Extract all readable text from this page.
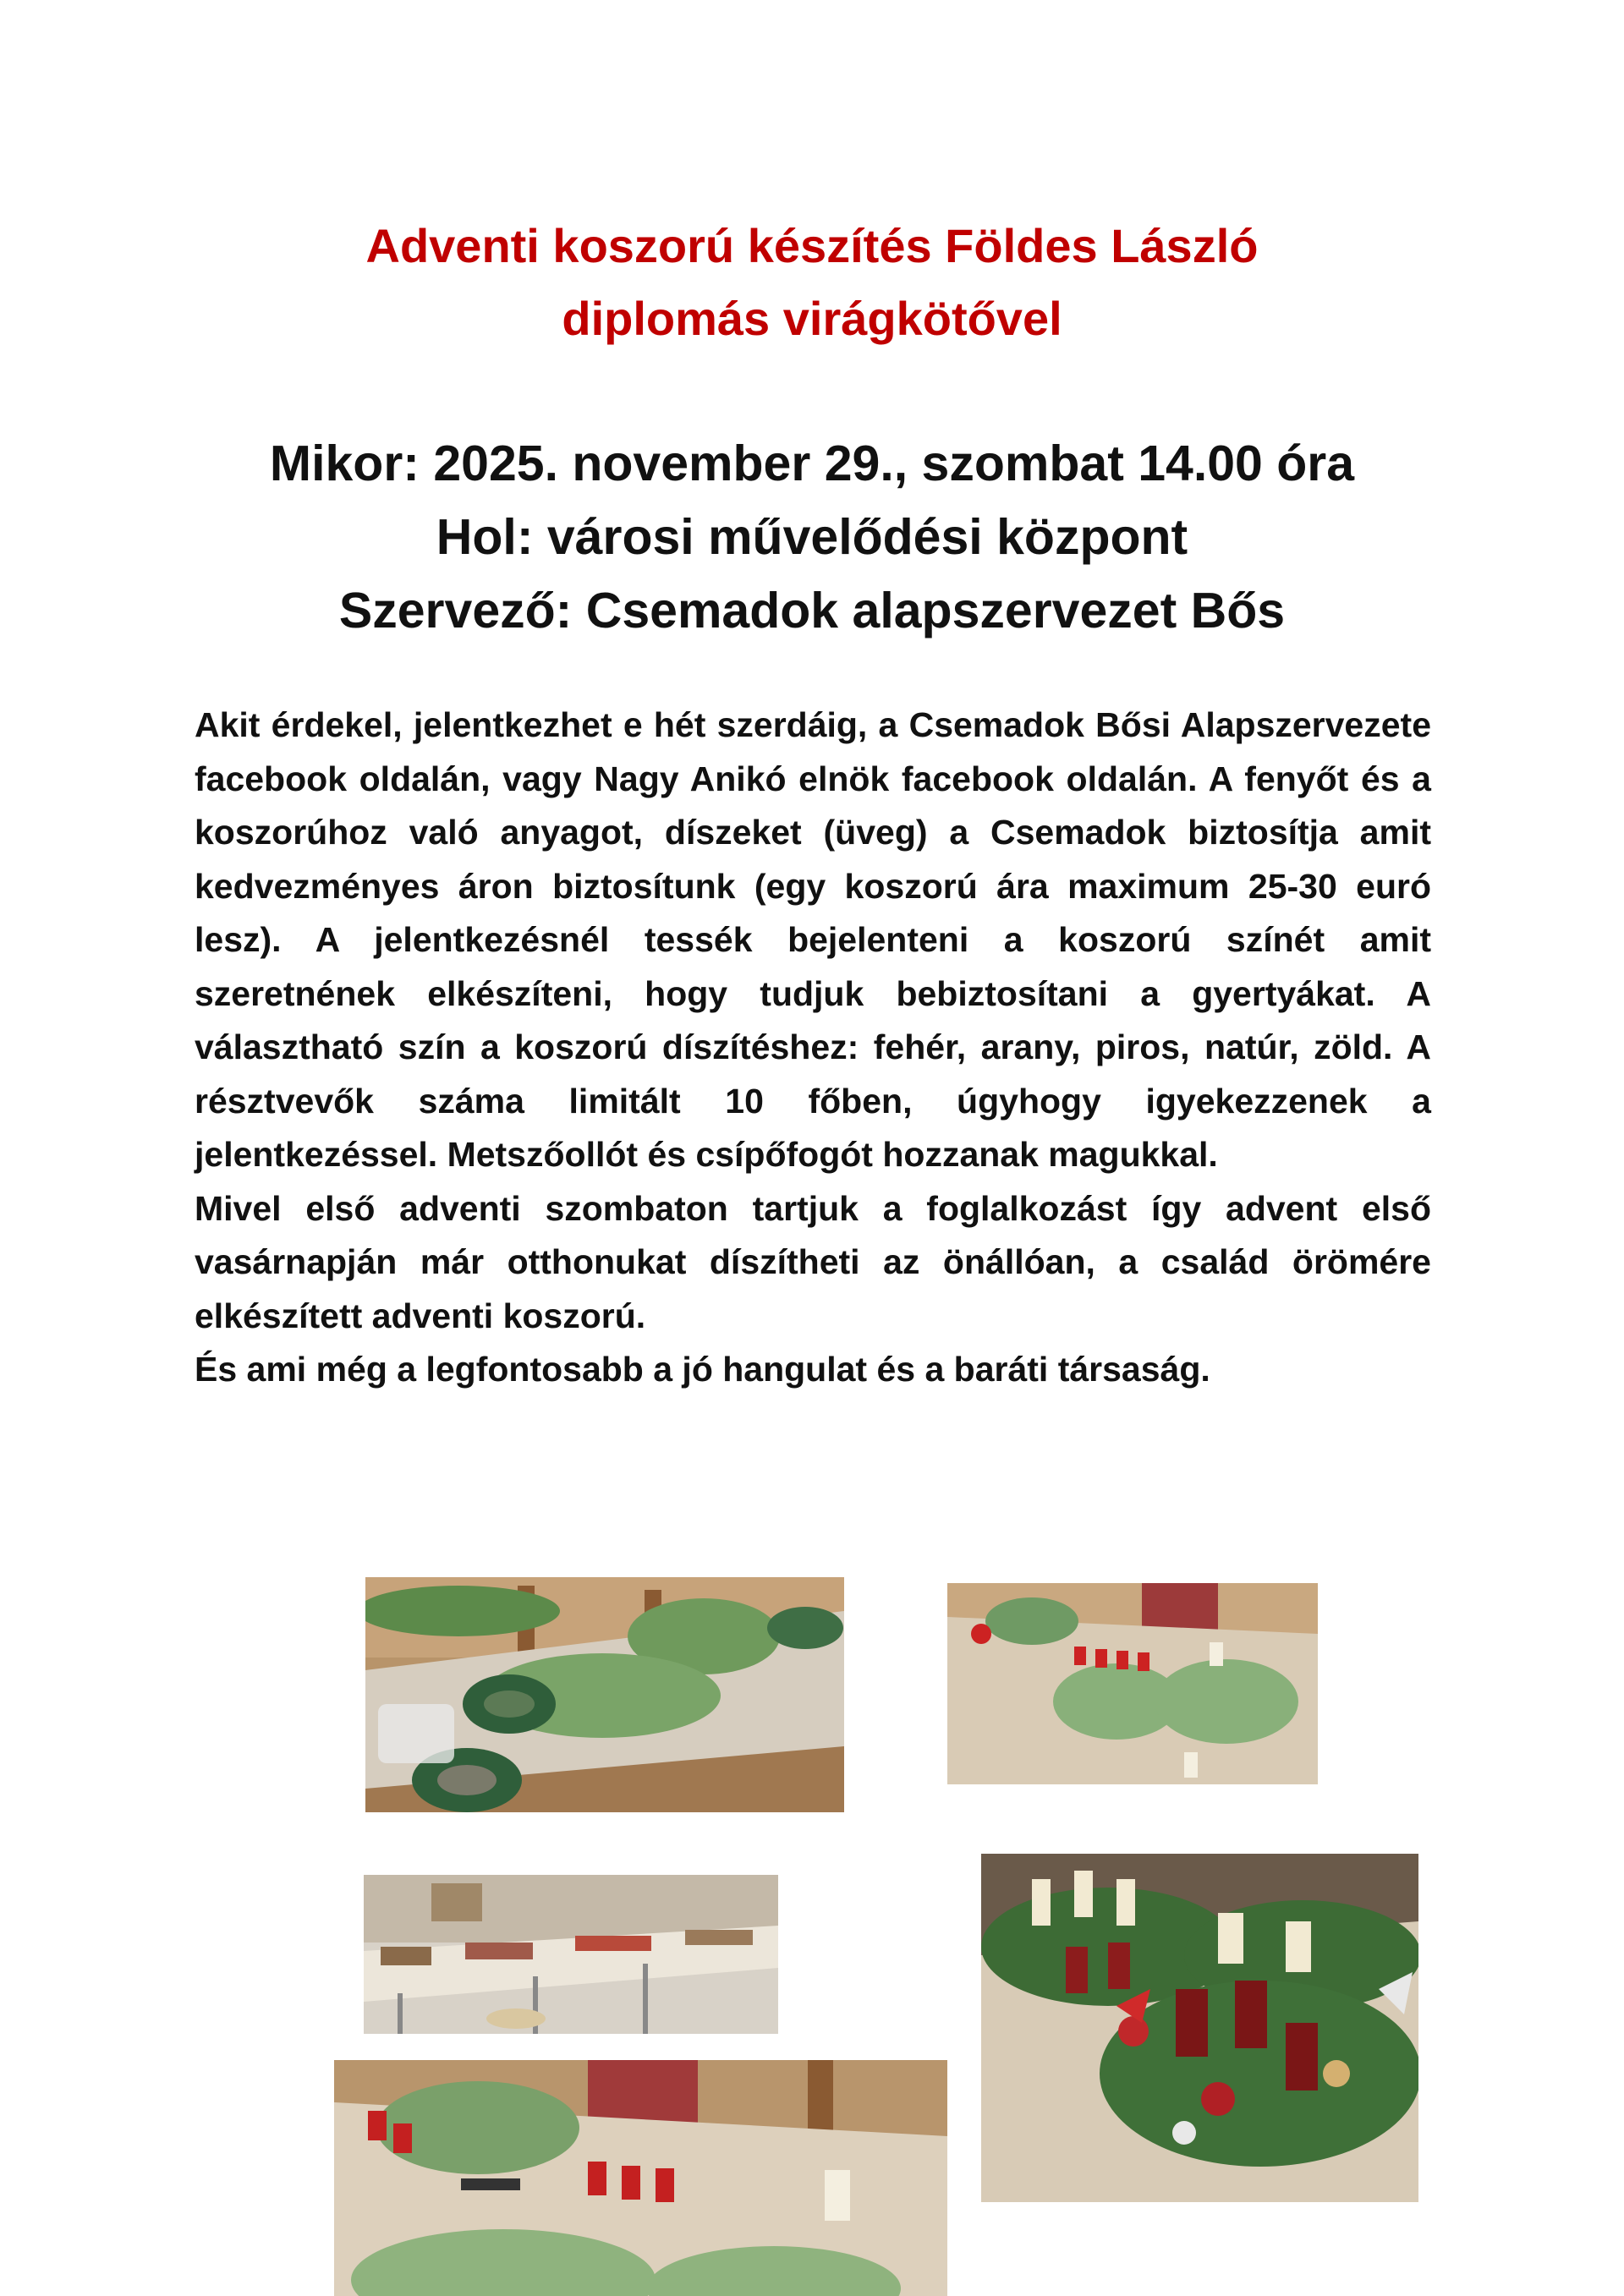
Adventi koszorú készítés Földes László
diplomás virágkötővel
Mikor: 2025. november 29., szombat 14.00 óra
Hol: városi művelődési központ
Szervező: Csemadok alapszervezet Bős

Akit érdekel, jelentkezhet e hét szerdáig, a Csemadok Bősi Alapszervezete facebook oldalán, vagy Nagy Anikó elnök facebook oldalán. A fenyőt és a koszorúhoz való anyagot, díszeket (üveg) a Csemadok biztosítja amit kedvezményes áron biztosítunk (egy koszorú ára maximum 25-30 euró lesz). A jelentkezésnél tessék bejelenteni a koszorú színét amit szeretnének elkészíteni, hogy tudjuk bebiztosítani a gyertyákat. A választható szín a koszorú díszítéshez: fehér, arany, piros, natúr, zöld. A résztvevők száma limitált 10 főben, úgyhogy igyekezzenek a jelentkezéssel. Metszőollót és csípőfogót hozzanak magukkal.

Mivel első adventi szombaton tartjuk a foglalkozást így advent első vasárnapján már otthonukat díszítheti az önállóan, a család örömére elkészített adventi koszorú.

És ami még a legfontosabb a jó hangulat és a baráti társaság.
